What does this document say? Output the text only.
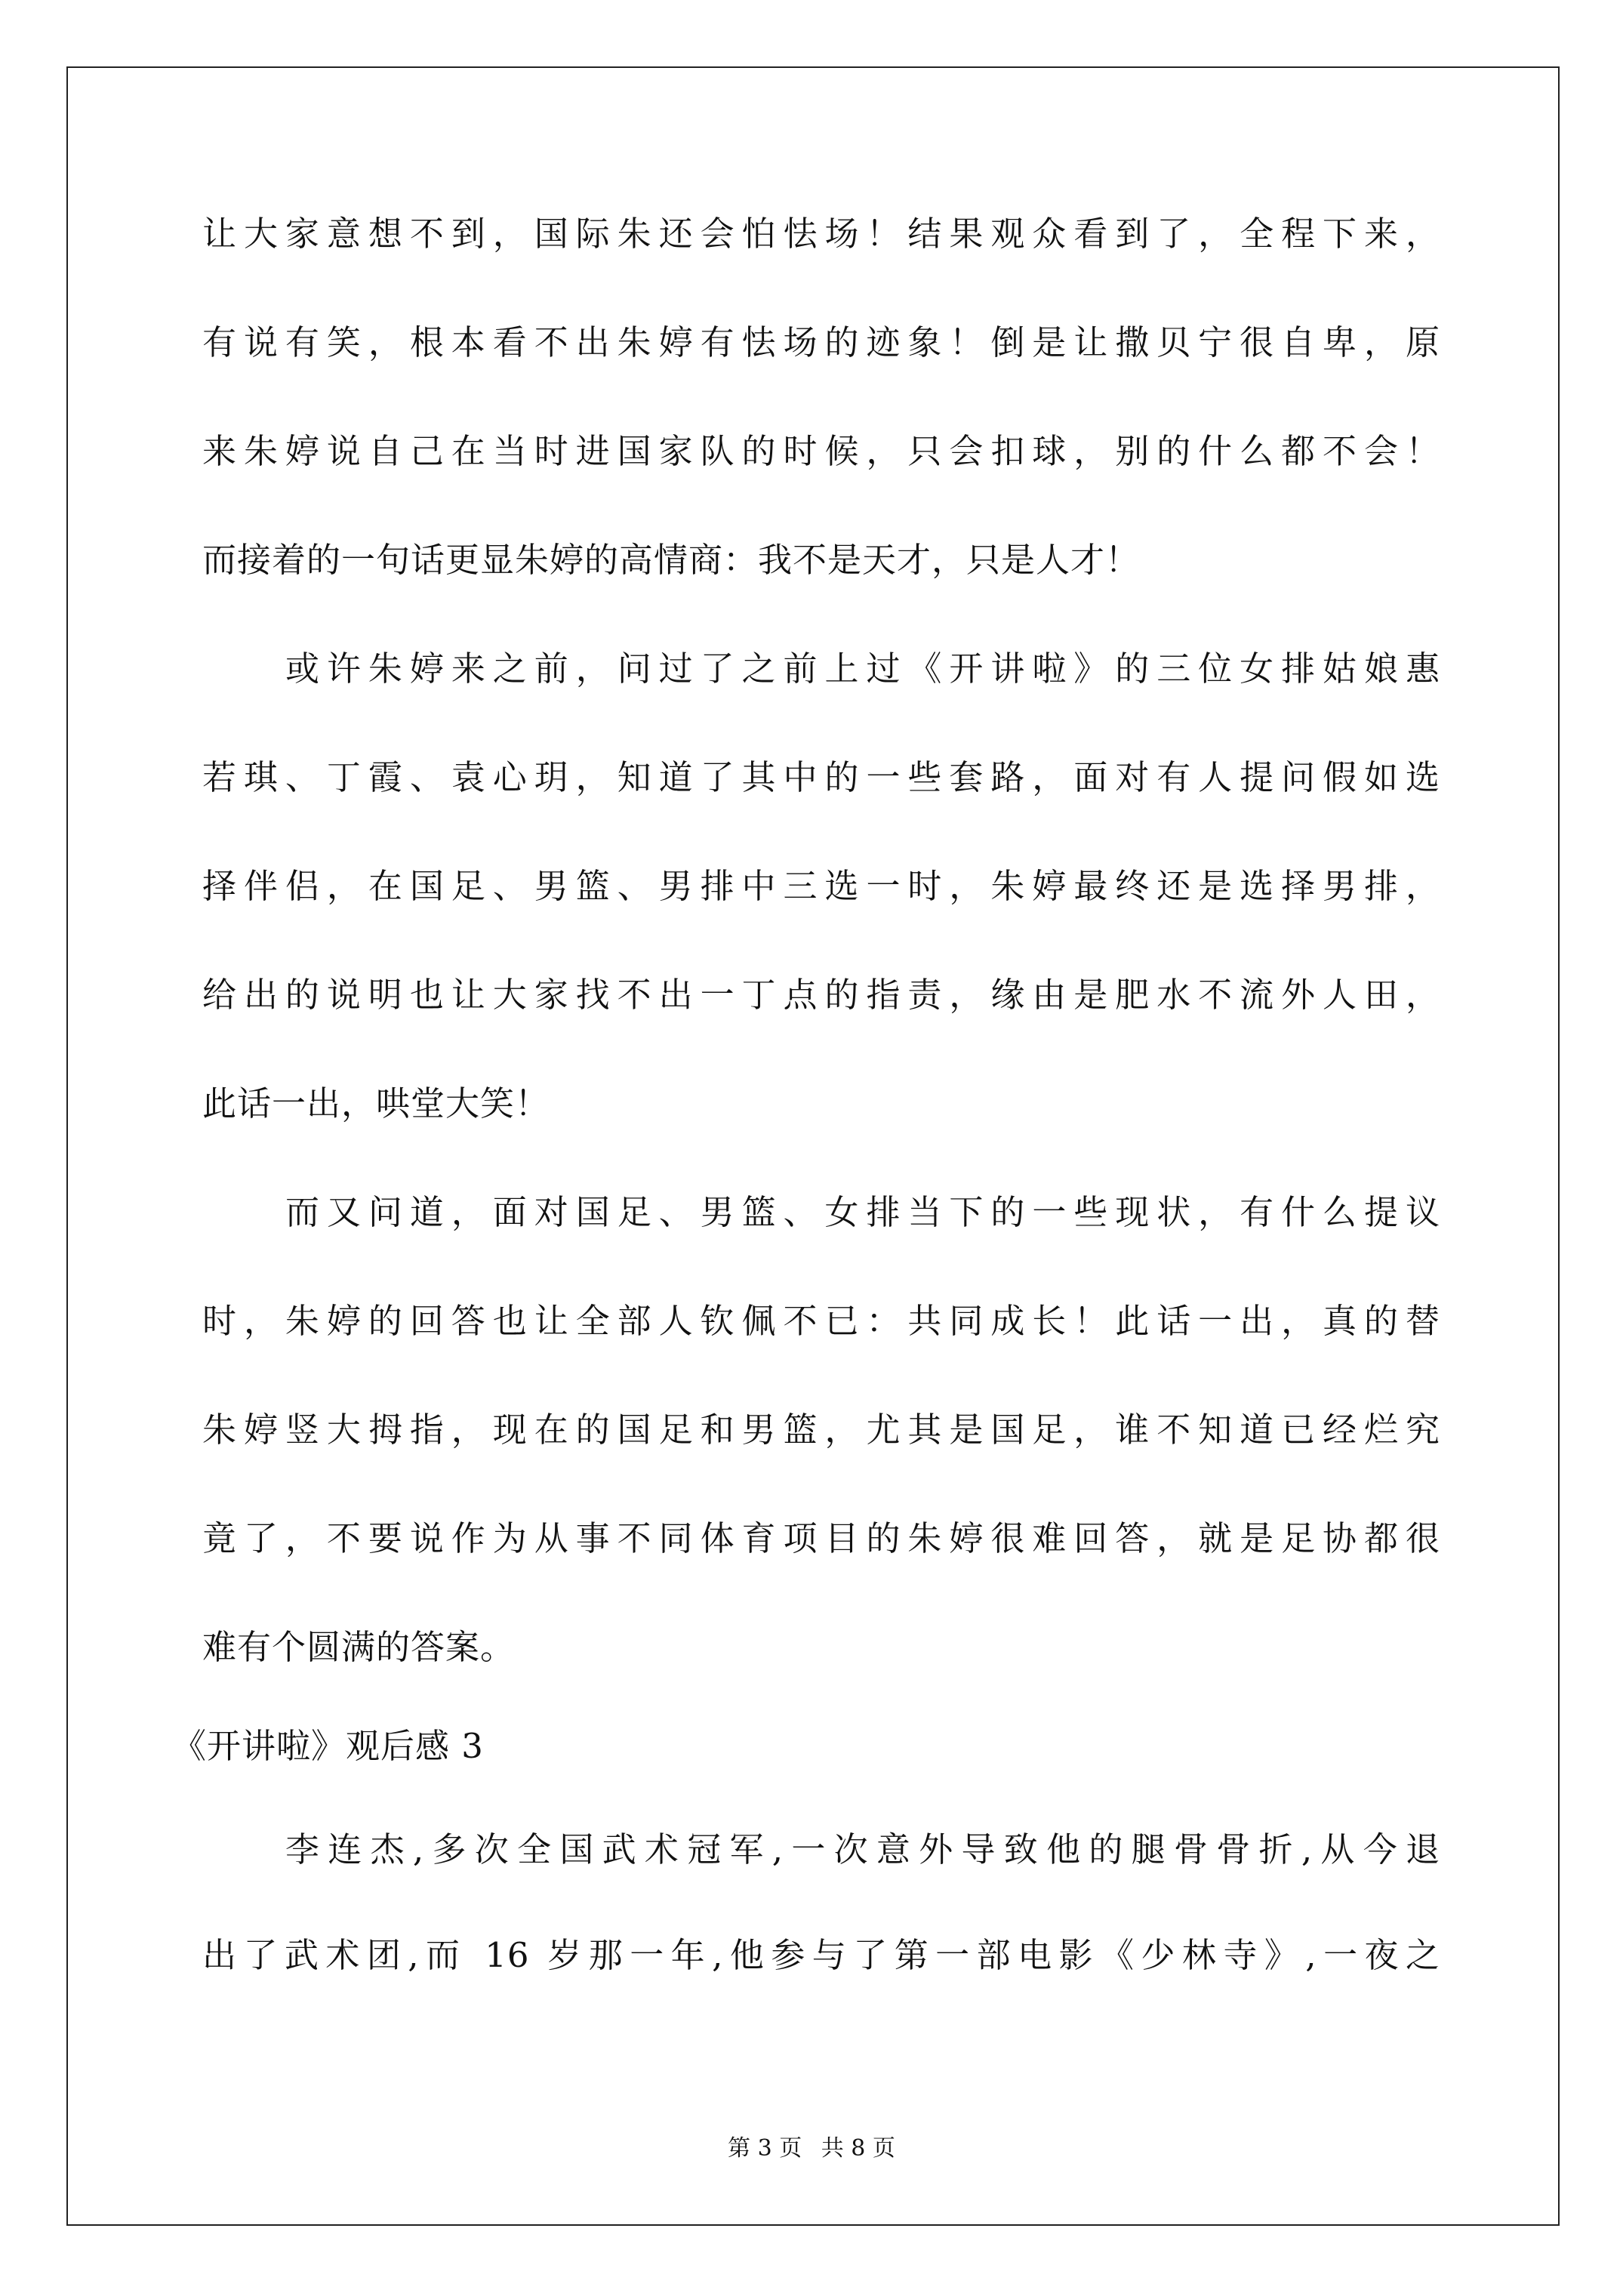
让大家意想不到，国际朱还会怕怯场！结果观众看到了，全程下来，
有说有笑，根本看不出朱婷有怯场的迹象！倒是让撒贝宁很自卑，原
来朱婷说自己在当时进国家队的时候，只会扣球，别的什么都不会！
而接着的一句话更显朱婷的高情商：我不是天才，只是人才！
或许朱婷来之前，问过了之前上过《开讲啦》的三位女排姑娘惠
若琪、丁霞、袁心玥，知道了其中的一些套路，面对有人提问假如选
择伴侣，在国足、男篮、男排中三选一时，朱婷最终还是选择男排，
给出的说明也让大家找不出一丁点的指责，缘由是肥水不流外人田，
此话一出，哄堂大笑！
而又问道，面对国足、男篮、女排当下的一些现状，有什么提议
时，朱婷的回答也让全部人钦佩不已：共同成长！此话一出，真的替
朱婷竖大拇指，现在的国足和男篮，尤其是国足，谁不知道已经烂究
竟了，不要说作为从事不同体育项目的朱婷很难回答，就是足协都很
难有个圆满的答案。
《开讲啦》观后感 3
李连杰,多次全国武术冠军,一次意外导致他的腿骨骨折,从今退
出了武术团,而 16 岁那一年,他参与了第一部电影《少林寺》,一夜之
第 3 页 共 8 页
